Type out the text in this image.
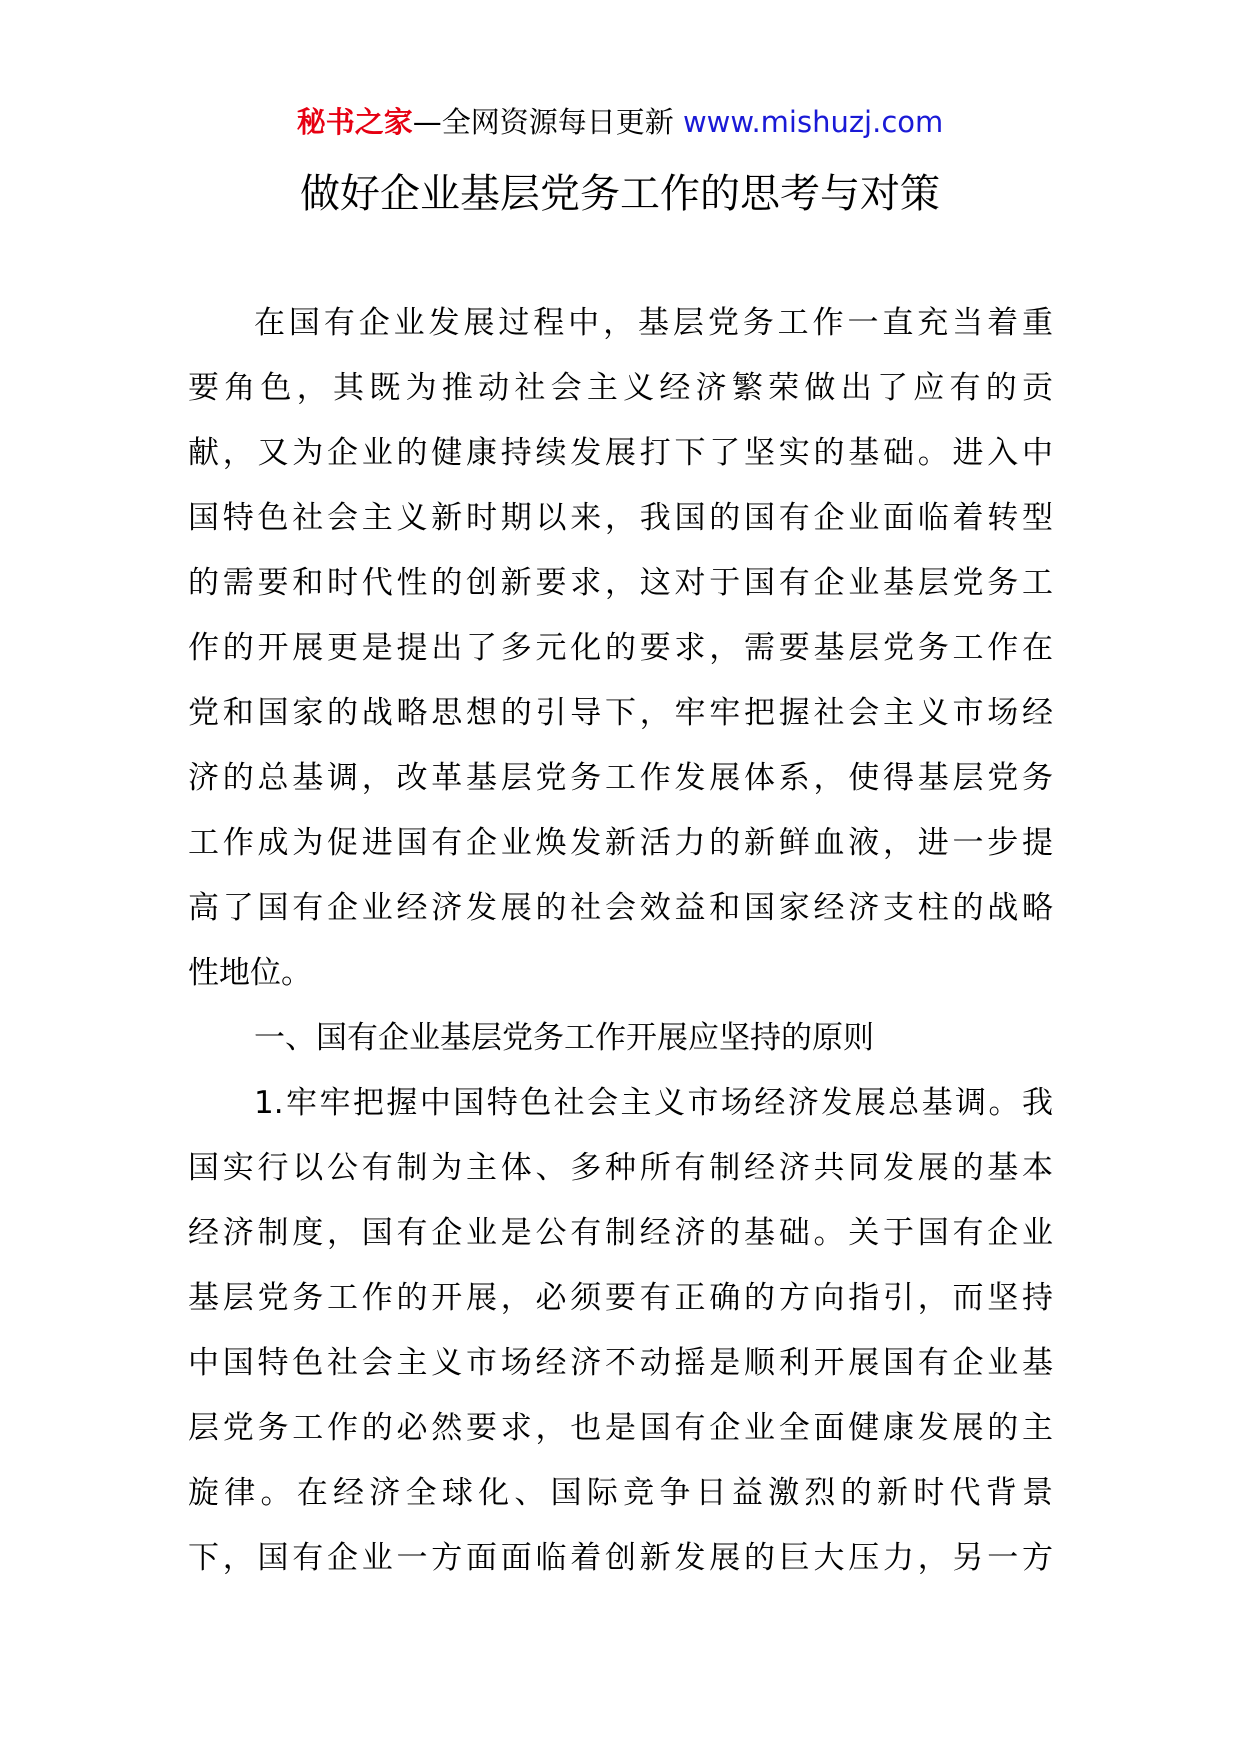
秘书之家—全网资源每日更新 www.mishuzj.com
做好企业基层党务工作的思考与对策
在国有企业发展过程中，基层党务工作一直充当着重
要角色，其既为推动社会主义经济繁荣做出了应有的贡
献，又为企业的健康持续发展打下了坚实的基础。进入中
国特色社会主义新时期以来，我国的国有企业面临着转型
的需要和时代性的创新要求，这对于国有企业基层党务工
作的开展更是提出了多元化的要求，需要基层党务工作在
党和国家的战略思想的引导下，牢牢把握社会主义市场经
济的总基调，改革基层党务工作发展体系，使得基层党务
工作成为促进国有企业焕发新活力的新鲜血液，进一步提
高了国有企业经济发展的社会效益和国家经济支柱的战略
性地位。
一、国有企业基层党务工作开展应坚持的原则
1.牢牢把握中国特色社会主义市场经济发展总基调。我
国实行以公有制为主体、多种所有制经济共同发展的基本
经济制度，国有企业是公有制经济的基础。关于国有企业
基层党务工作的开展，必须要有正确的方向指引，而坚持
中国特色社会主义市场经济不动摇是顺利开展国有企业基
层党务工作的必然要求，也是国有企业全面健康发展的主
旋律。在经济全球化、国际竞争日益激烈的新时代背景
下，国有企业一方面面临着创新发展的巨大压力，另一方
